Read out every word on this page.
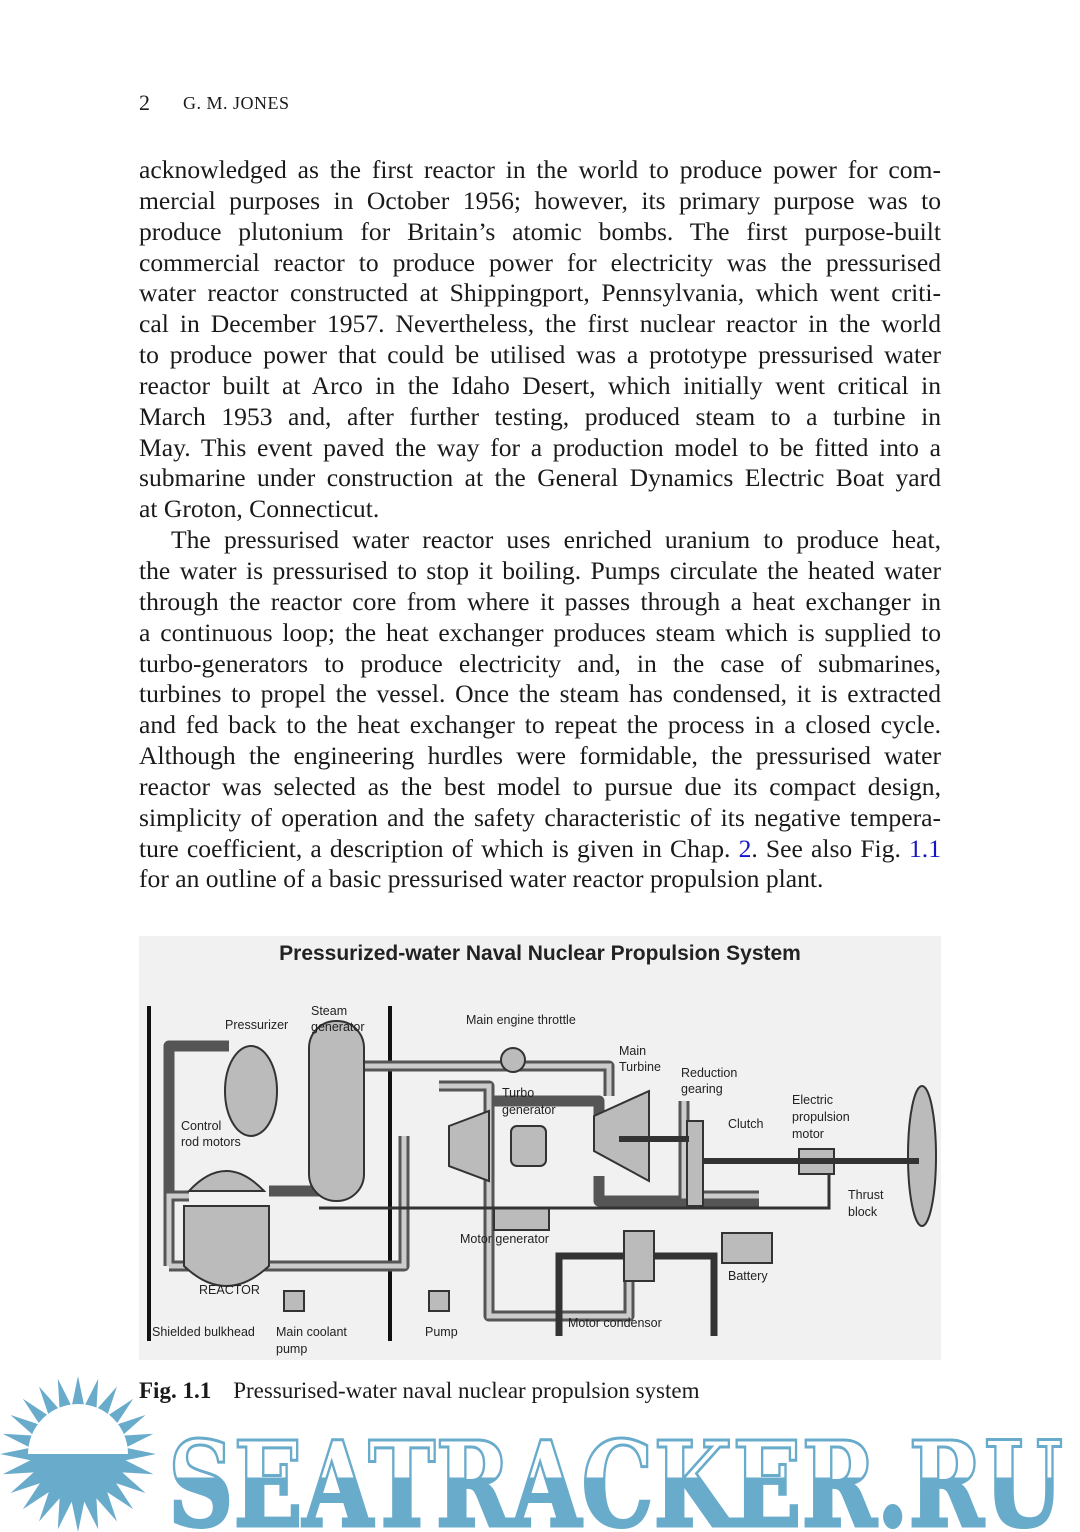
2 G. M. JONES
acknowledged as the first reactor in the world to produce power for com-
mercial purposes in October 1956; however, its primary purpose was to
produce plutonium for Britain’s atomic bombs. The first purpose-built
commercial reactor to produce power for electricity was the pressurised
water reactor constructed at Shippingport, Pennsylvania, which went criti-
cal in December 1957. Nevertheless, the first nuclear reactor in the world
to produce power that could be utilised was a prototype pressurised water
reactor built at Arco in the Idaho Desert, which initially went critical in
March 1953 and, after further testing, produced steam to a turbine in
May. This event paved the way for a production model to be fitted into a
submarine under construction at the General Dynamics Electric Boat yard
at Groton, Connecticut.
The pressurised water reactor uses enriched uranium to produce heat,
the water is pressurised to stop it boiling. Pumps circulate the heated water
through the reactor core from where it passes through a heat exchanger in
a continuous loop; the heat exchanger produces steam which is supplied to
turbo-generators to produce electricity and, in the case of submarines,
turbines to propel the vessel. Once the steam has condensed, it is extracted
and fed back to the heat exchanger to repeat the process in a closed cycle.
Although the engineering hurdles were formidable, the pressurised water
reactor was selected as the best model to pursue due its compact design,
simplicity of operation and the safety characteristic of its negative tempera-
ture coefficient, a description of which is given in Chap. 2. See also Fig. 1.1
for an outline of a basic pressurised water reactor propulsion plant.
Pressurized-water Naval Nuclear Propulsion System
Steam
generator
Pressurizer	Main engine throttle
Main
Turbine Reduction
gearing
Turbo
generator
Electric
propulsion
motor
Clutch
Control
rod motors
Thrust
block
Motor generator
Battery
REACTOR
Motor condensor
Shielded bulkhead Main coolant
pump
Pump
Fig. 1.1 Pressurised-water naval nuclear propulsion system
SEATRACKER.RU
